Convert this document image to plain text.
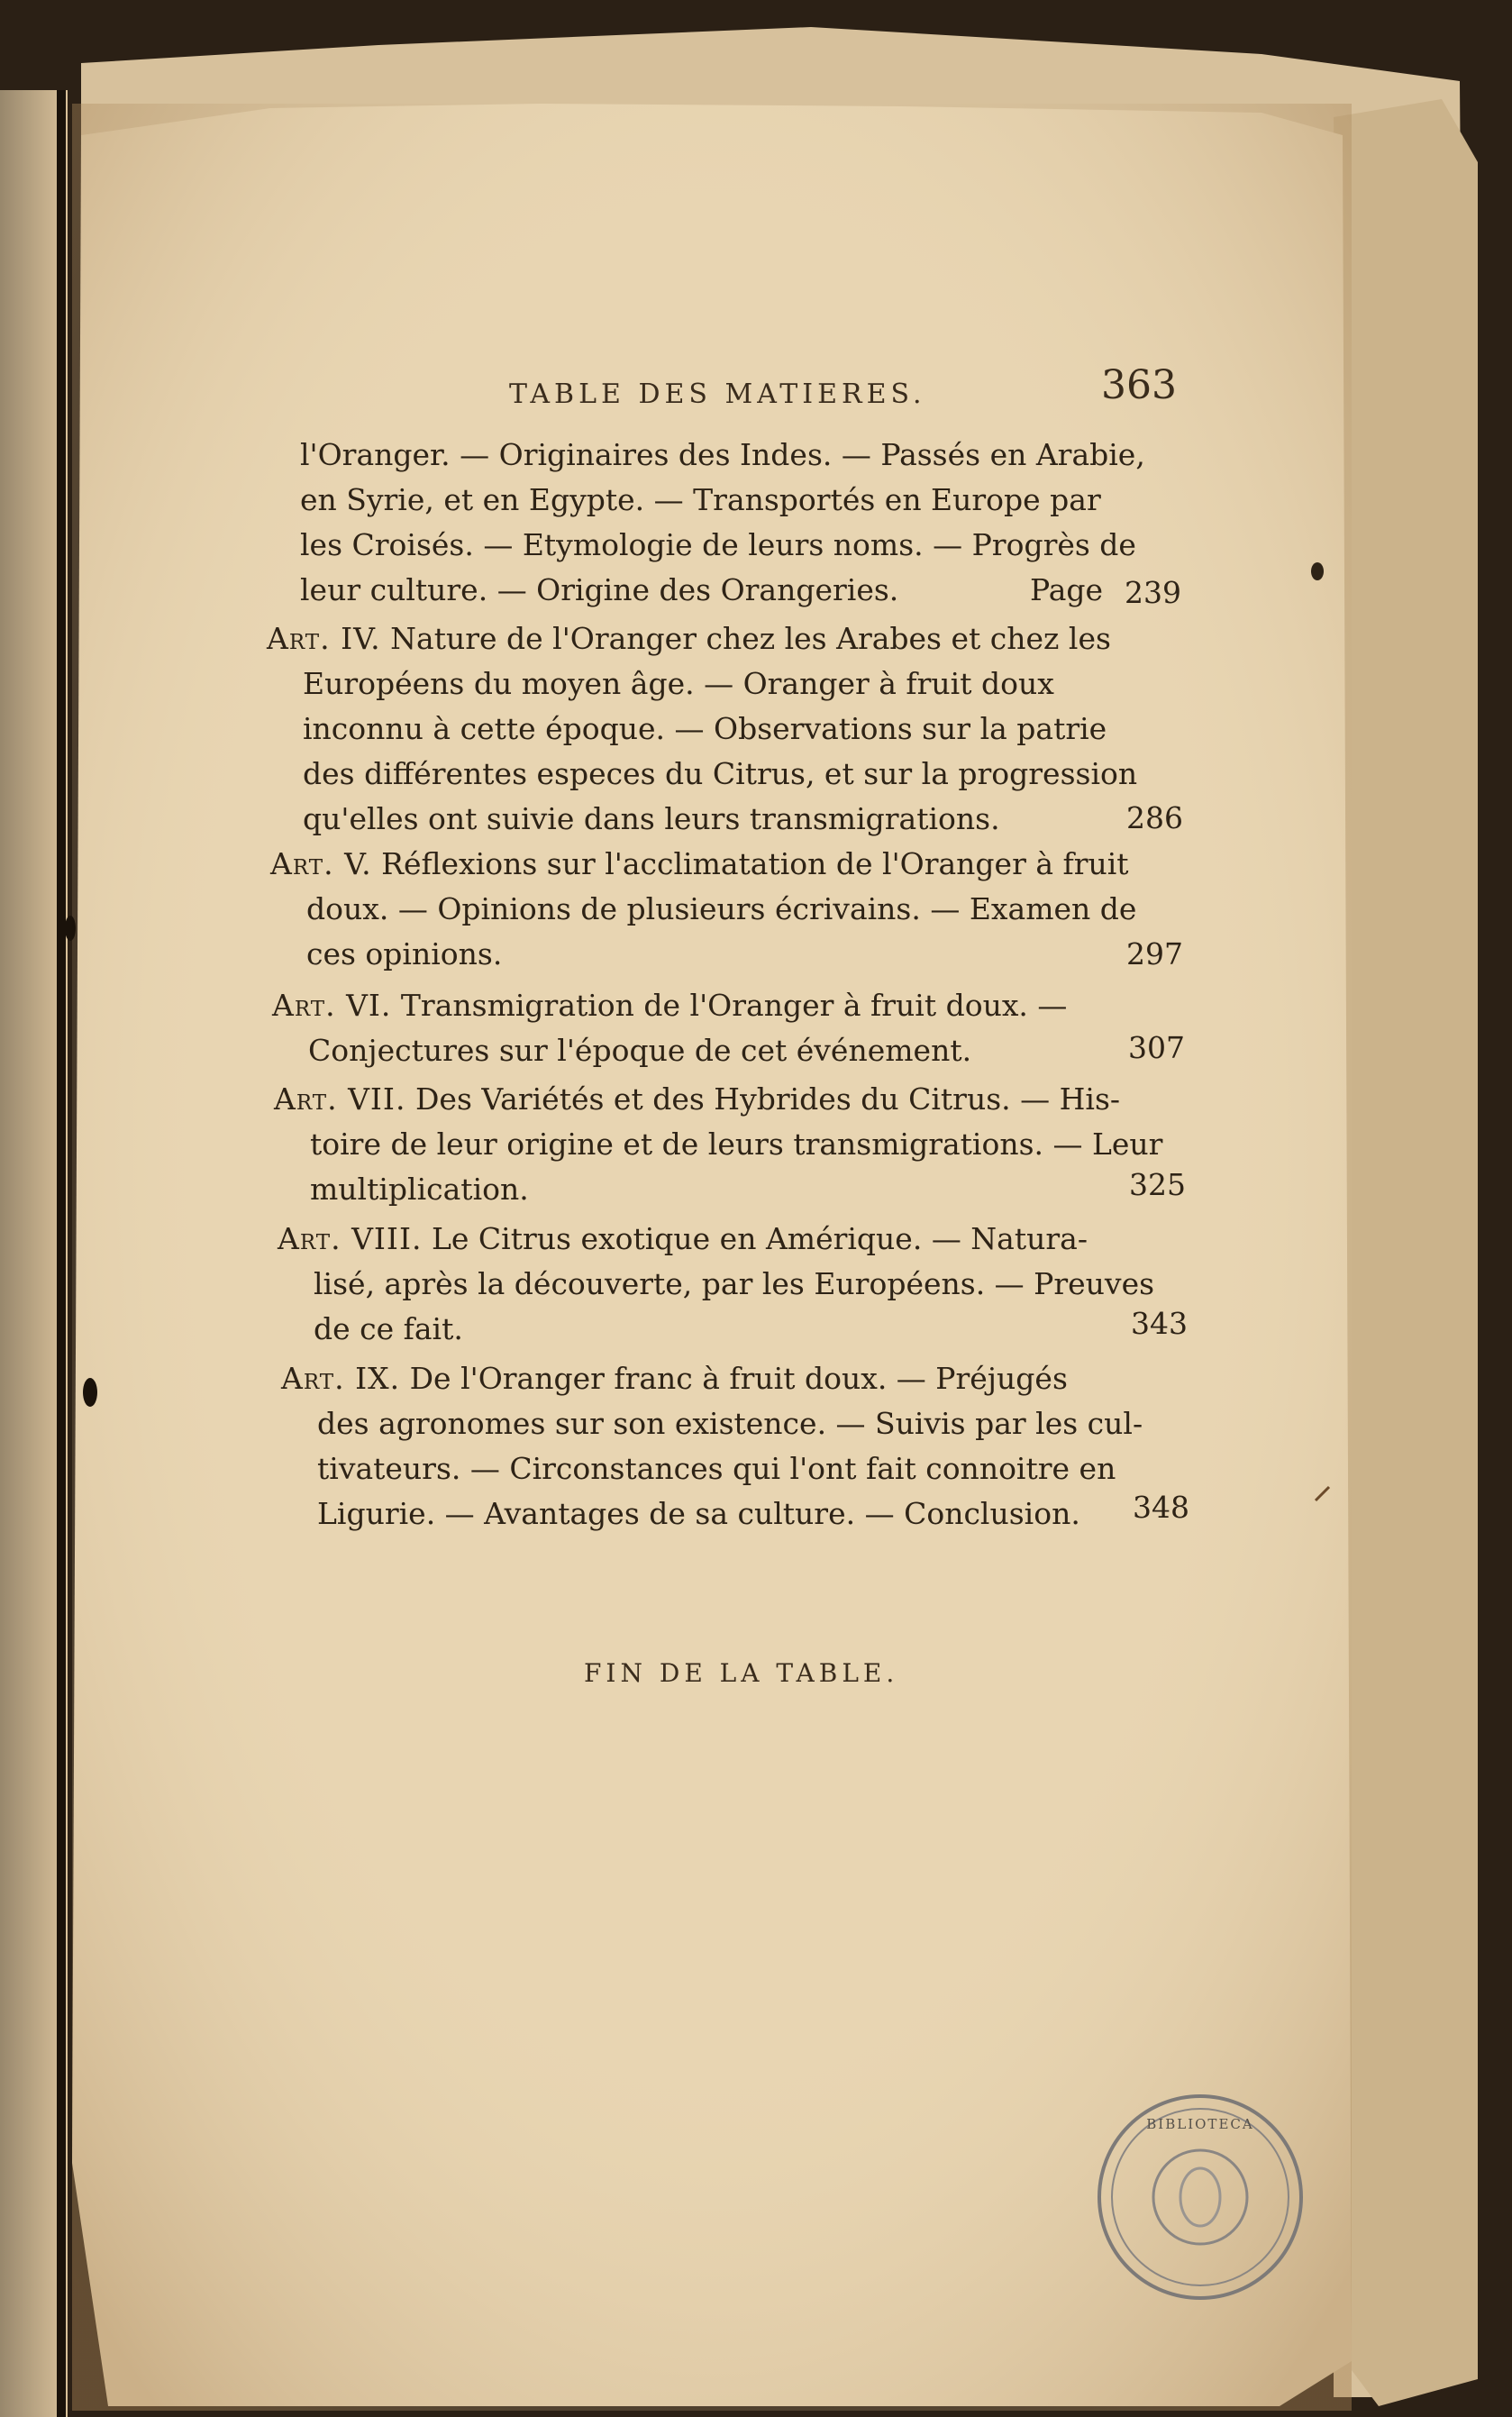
TABLE DES MATIERES.	363
l'Oranger. — Originaires des Indes. — Passés en Arabie,
en Syrie, et en Egypte. — Transportés en Europe par
les Croisés. — Etymologie de leurs noms. — Progrès de
leur culture. — Origine des Orangeries.	Page 239
Art. IV. Nature de l'Oranger chez les Arabes et chez les
Européens du moyen âge. — Oranger à fruit doux
inconnu à cette époque. — Observations sur la patrie
des différentes especes du Citrus, et sur la progression
qu'elles ont suivie dans leurs transmigrations.	286
Art. V. Réflexions sur l'acclimatation de l'Oranger à fruit
doux. — Opinions de plusieurs écrivains. — Examen de
ces opinions.	297
Art. VI. Transmigration de l'Oranger à fruit doux. —
Conjectures sur l'époque de cet événement.	307
Art. VII. Des Variétés et des Hybrides du Citrus. — His-
toire de leur origine et de leurs transmigrations. — Leur
multiplication.	325
Art. VIII. Le Citrus exotique en Amérique. — Natura-
lisé, après la découverte, par les Européens. — Preuves
de ce fait.	343
Art. IX. De l'Oranger franc à fruit doux. — Préjugés
des agronomes sur son existence. — Suivis par les cul-
tivateurs. — Circonstances qui l'ont fait connoitre en
Ligurie. — Avantages de sa culture. — Conclusion. 348
FIN DE LA TABLE.
BIBLIOTECA
